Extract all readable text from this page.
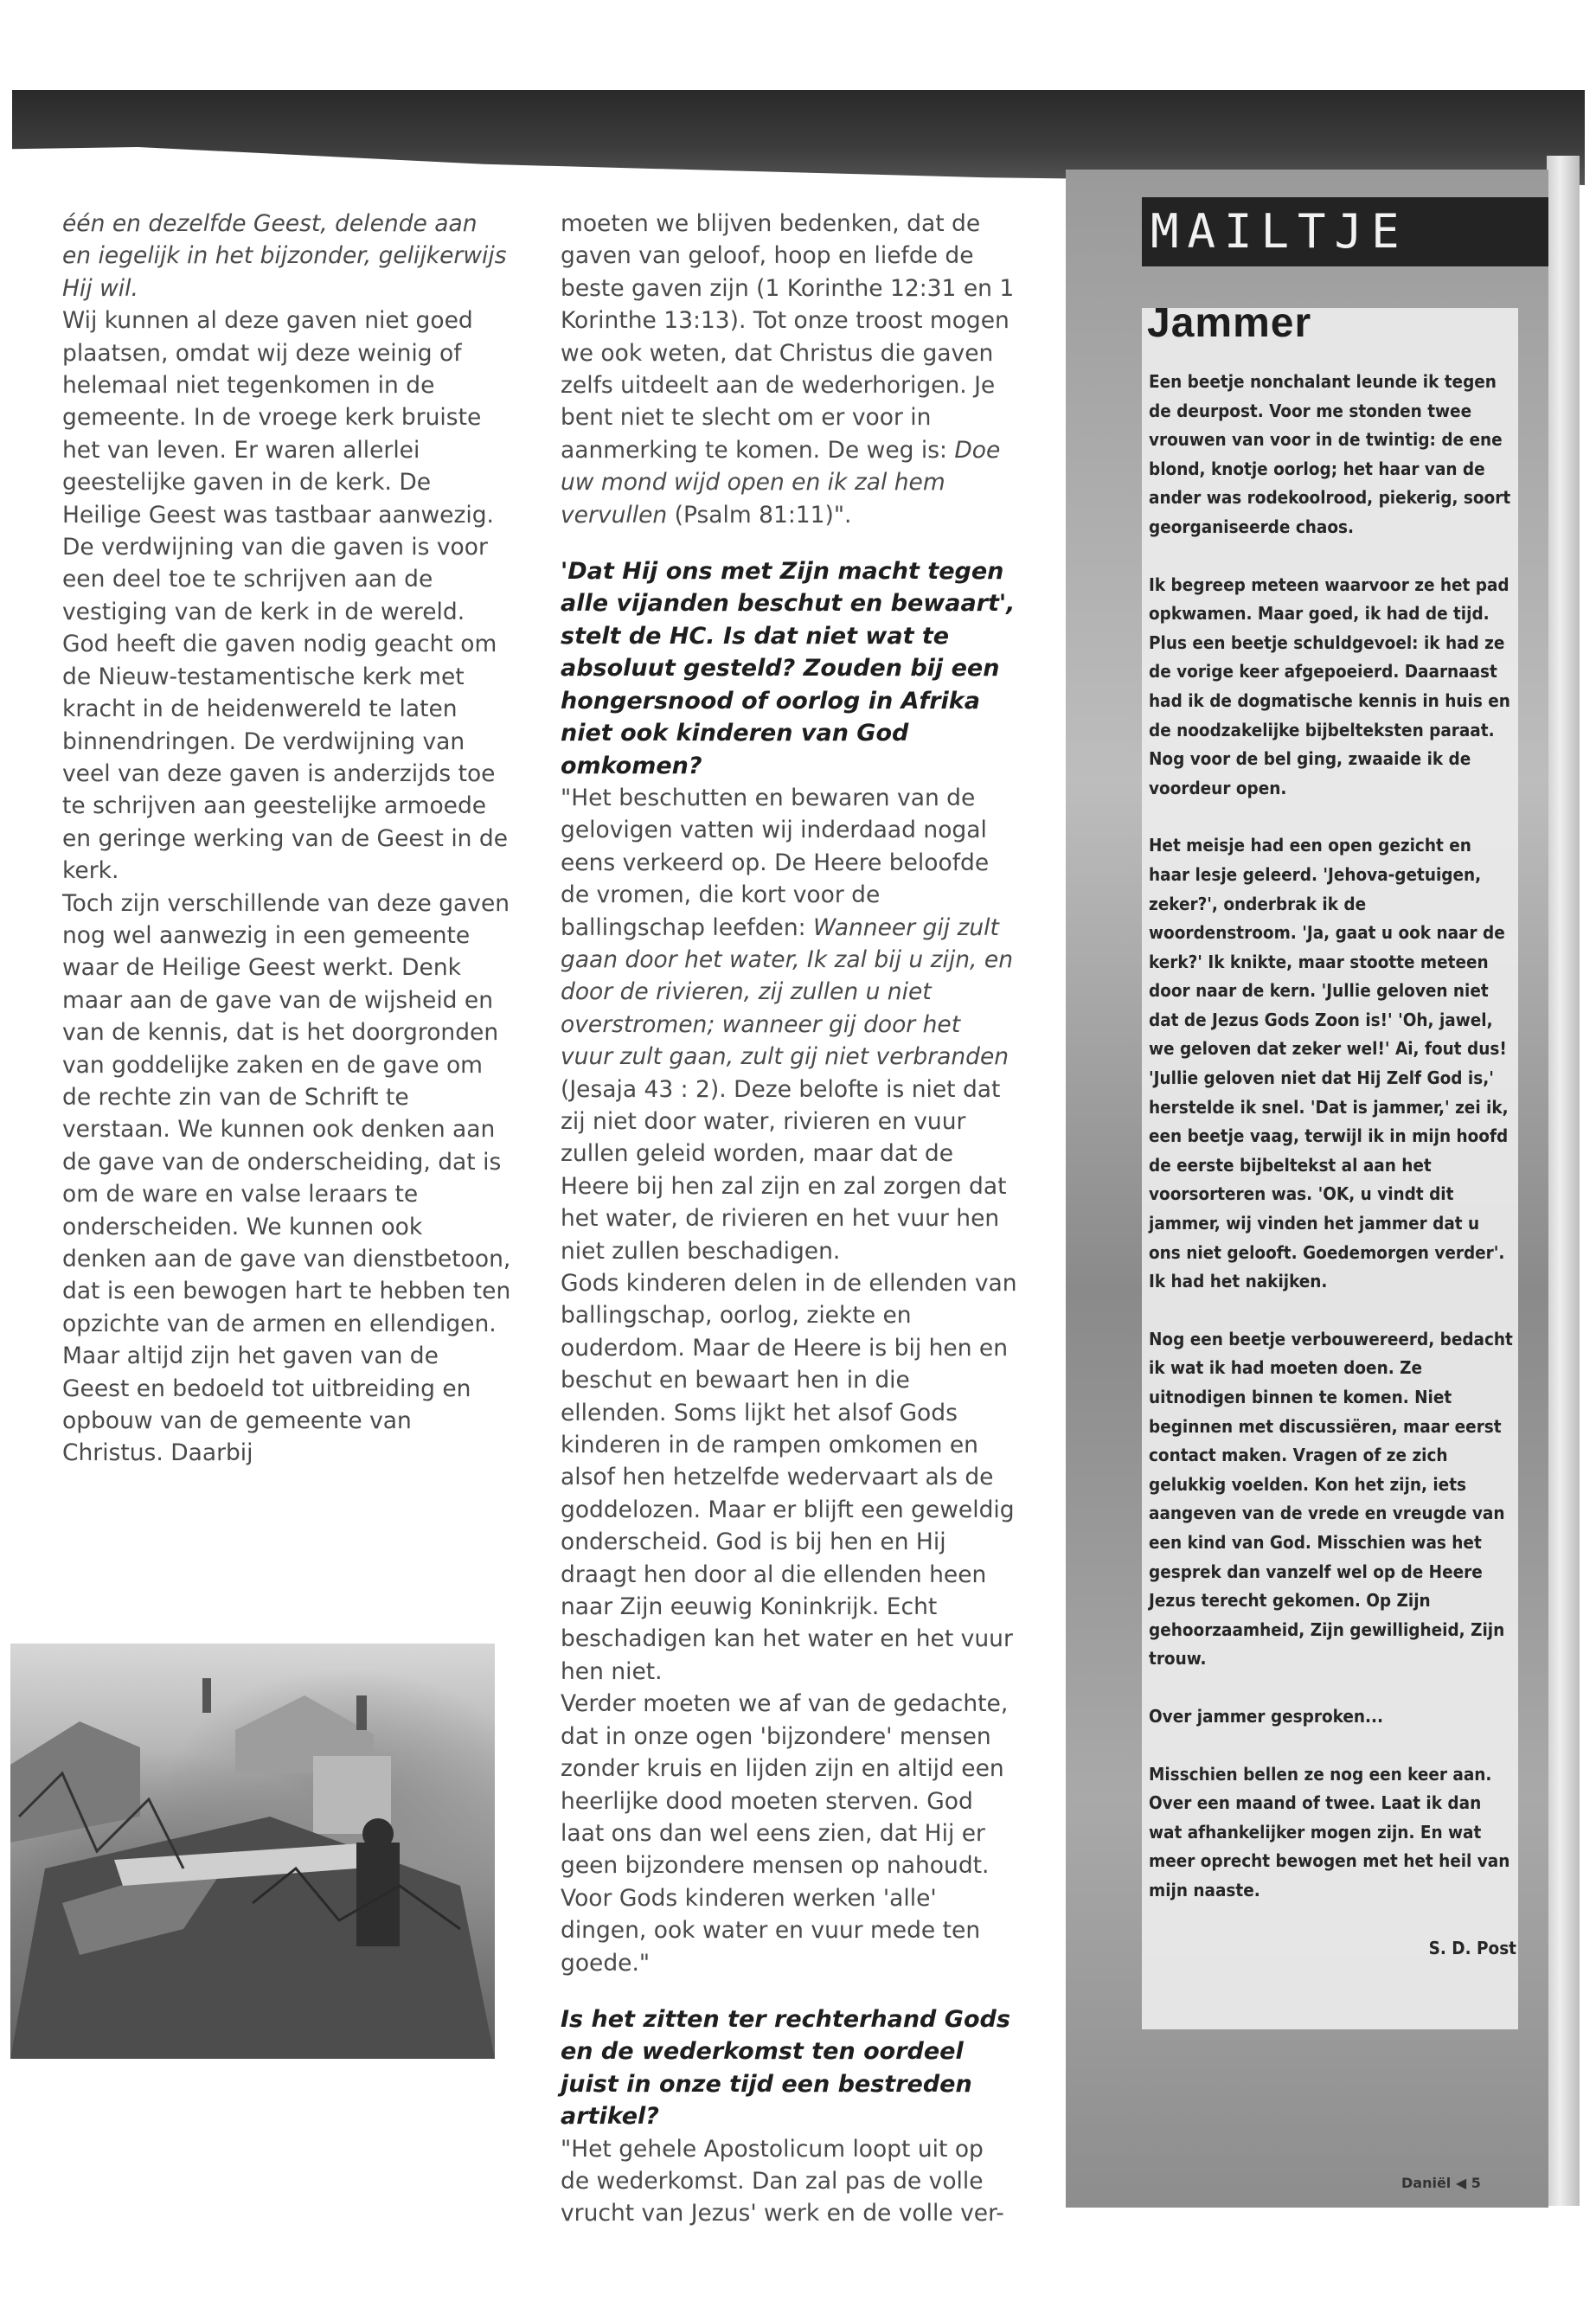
één en dezelfde Geest, delende aan en iegelijk in het bijzonder, gelijkerwijs Hij wil.

Wij kunnen al deze gaven niet goed plaatsen, omdat wij deze weinig of helemaal niet tegenkomen in de gemeente. In de vroege kerk bruiste het van leven. Er waren allerlei geestelijke gaven in de kerk. De Heilige Geest was tastbaar aanwezig. De verdwijning van die gaven is voor een deel toe te schrijven aan de vestiging van de kerk in de wereld. God heeft die gaven nodig geacht om de Nieuw-testamentische kerk met kracht in de heidenwereld te laten binnendringen. De verdwijning van veel van deze gaven is anderzijds toe te schrijven aan geestelijke armoede en geringe werking van de Geest in de kerk.

Toch zijn verschillende van deze gaven nog wel aanwezig in een gemeente waar de Heilige Geest werkt. Denk maar aan de gave van de wijsheid en van de kennis, dat is het doorgronden van goddelijke zaken en de gave om de rechte zin van de Schrift te verstaan. We kunnen ook denken aan de gave van de onderscheiding, dat is om de ware en valse leraars te onderscheiden. We kunnen ook denken aan de gave van dienstbetoon, dat is een bewogen hart te hebben ten opzichte van de armen en ellendigen.

Maar altijd zijn het gaven van de Geest en bedoeld tot uitbreiding en opbouw van de gemeente van Christus. Daarbij

moeten we blijven bedenken, dat de gaven van geloof, hoop en liefde de beste gaven zijn (1 Korinthe 12:31 en 1 Korinthe 13:13). Tot onze troost mogen we ook weten, dat Christus die gaven zelfs uitdeelt aan de wederhorigen. Je bent niet te slecht om er voor in aanmerking te komen. De weg is: Doe uw mond wijd open en ik zal hem vervullen (Psalm 81:11)".

'Dat Hij ons met Zijn macht tegen alle vijanden beschut en bewaart', stelt de HC. Is dat niet wat te absoluut gesteld? Zouden bij een hongersnood of oorlog in Afrika niet ook kinderen van God omkomen?

"Het beschutten en bewaren van de gelovigen vatten wij inderdaad nogal eens verkeerd op. De Heere beloofde de vromen, die kort voor de ballingschap leefden: Wanneer gij zult gaan door het water, Ik zal bij u zijn, en door de rivieren, zij zullen u niet overstromen; wanneer gij door het vuur zult gaan, zult gij niet verbranden (Jesaja 43 : 2). Deze belofte is niet dat zij niet door water, rivieren en vuur zullen geleid worden, maar dat de Heere bij hen zal zijn en zal zorgen dat het water, de rivieren en het vuur hen niet zullen beschadigen.

Gods kinderen delen in de ellenden van ballingschap, oorlog, ziekte en ouderdom. Maar de Heere is bij hen en beschut en bewaart hen in die ellenden. Soms lijkt het alsof Gods kinderen in de rampen omkomen en alsof hen hetzelfde wedervaart als de goddelozen. Maar er blijft een geweldig onderscheid. God is bij hen en Hij draagt hen door al die ellenden heen naar Zijn eeuwig Koninkrijk. Echt beschadigen kan het water en het vuur hen niet.

Verder moeten we af van de gedachte, dat in onze ogen 'bijzondere' mensen zonder kruis en lijden zijn en altijd een heerlijke dood moeten sterven. God laat ons dan wel eens zien, dat Hij er geen bijzondere mensen op nahoudt. Voor Gods kinderen werken 'alle' dingen, ook water en vuur mede ten goede."

Is het zitten ter rechterhand Gods en de wederkomst ten oordeel juist in onze tijd een bestreden artikel?

"Het gehele Apostolicum loopt uit op de wederkomst. Dan zal pas de volle vrucht van Jezus' werk en de volle ver-

MAILTJE
Jammer

Een beetje nonchalant leunde ik tegen de deurpost. Voor me stonden twee vrouwen van voor in de twintig: de ene blond, knotje oorlog; het haar van de ander was rodekoolrood, piekerig, soort georganiseerde chaos.

Ik begreep meteen waarvoor ze het pad opkwamen. Maar goed, ik had de tijd. Plus een beetje schuldgevoel: ik had ze de vorige keer afgepoeierd. Daarnaast had ik de dogmatische kennis in huis en de noodzakelijke bijbelteksten paraat. Nog voor de bel ging, zwaaide ik de voordeur open.

Het meisje had een open gezicht en haar lesje geleerd. 'Jehova-getuigen, zeker?', onderbrak ik de woordenstroom. 'Ja, gaat u ook naar de kerk?' Ik knikte, maar stootte meteen door naar de kern. 'Jullie geloven niet dat de Jezus Gods Zoon is!' 'Oh, jawel, we geloven dat zeker wel!' Ai, fout dus! 'Jullie geloven niet dat Hij Zelf God is,' herstelde ik snel. 'Dat is jammer,' zei ik, een beetje vaag, terwijl ik in mijn hoofd de eerste bijbeltekst al aan het voorsorteren was. 'OK, u vindt dit jammer, wij vinden het jammer dat u ons niet gelooft. Goedemorgen verder'. Ik had het nakijken.

Nog een beetje verbouwereerd, bedacht ik wat ik had moeten doen. Ze uitnodigen binnen te komen. Niet beginnen met discussiëren, maar eerst contact maken. Vragen of ze zich gelukkig voelden. Kon het zijn, iets aangeven van de vrede en vreugde van een kind van God. Misschien was het gesprek dan vanzelf wel op de Heere Jezus terecht gekomen. Op Zijn gehoorzaamheid, Zijn gewilligheid, Zijn trouw.

Over jammer gesproken...

Misschien bellen ze nog een keer aan. Over een maand of twee. Laat ik dan wat afhankelijker mogen zijn. En wat meer oprecht bewogen met het heil van mijn naaste.

S. D. Post

Daniël ◀ 5
